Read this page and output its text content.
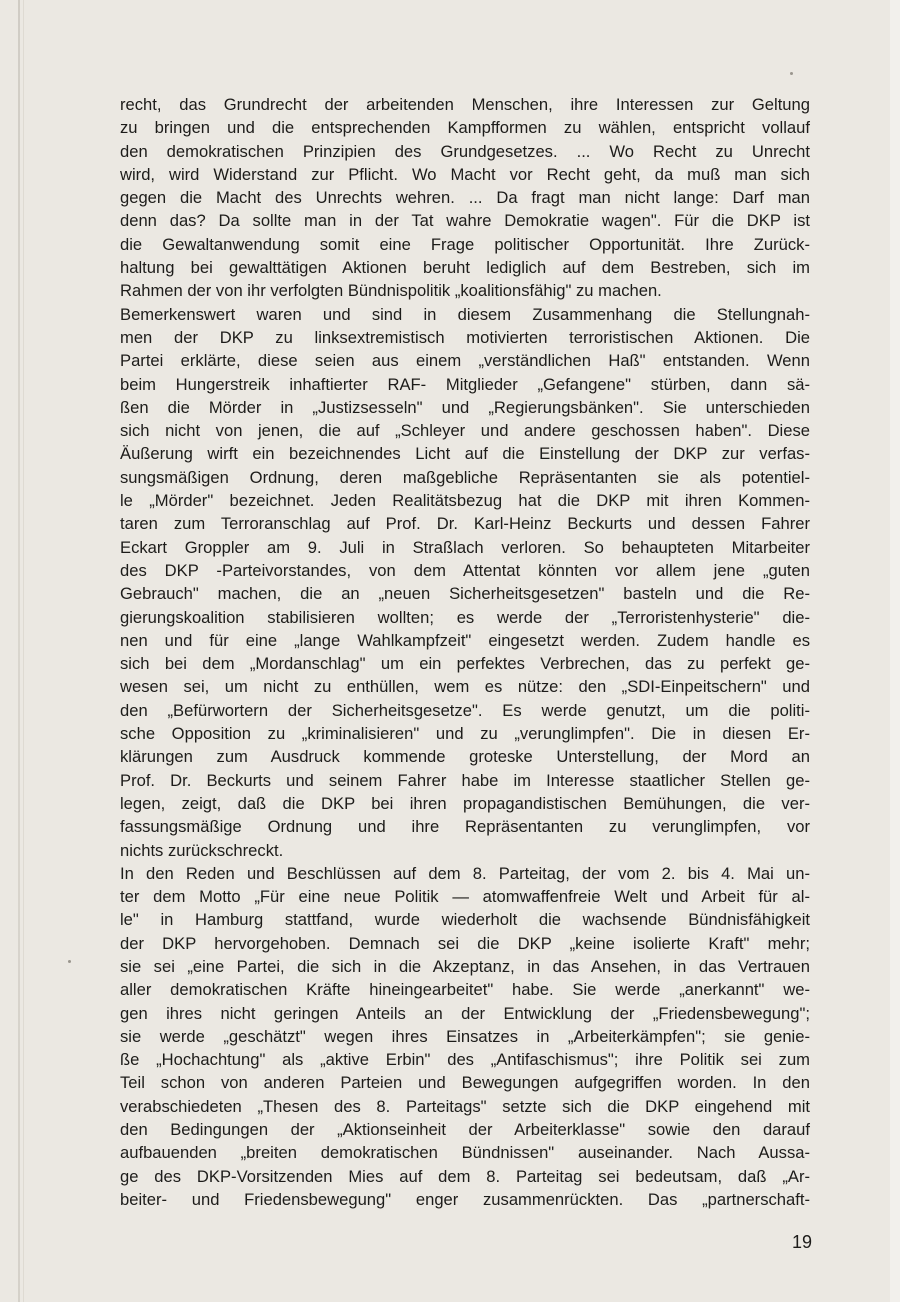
recht, das Grundrecht der arbeitenden Menschen, ihre Interessen zur Geltung
zu bringen und die entsprechenden Kampfformen zu wählen, entspricht vollauf
den demokratischen Prinzipien des Grundgesetzes. ... Wo Recht zu Unrecht
wird, wird Widerstand zur Pflicht. Wo Macht vor Recht geht, da muß man sich
gegen die Macht des Unrechts wehren. ... Da fragt man nicht lange: Darf man
denn das? Da sollte man in der Tat wahre Demokratie wagen". Für die DKP ist
die Gewaltanwendung somit eine Frage politischer Opportunität. Ihre Zurück-
haltung bei gewalttätigen Aktionen beruht lediglich auf dem Bestreben, sich im
Rahmen der von ihr verfolgten Bündnispolitik „koalitionsfähig" zu machen.
Bemerkenswert waren und sind in diesem Zusammenhang die Stellungnah-
men der DKP zu linksextremistisch motivierten terroristischen Aktionen. Die
Partei erklärte, diese seien aus einem „verständlichen Haß" entstanden. Wenn
beim Hungerstreik inhaftierter RAF- Mitglieder „Gefangene" stürben, dann sä-
ßen die Mörder in „Justizsesseln" und „Regierungsbänken". Sie unterschieden
sich nicht von jenen, die auf „Schleyer und andere geschossen haben". Diese
Äußerung wirft ein bezeichnendes Licht auf die Einstellung der DKP zur verfas-
sungsmäßigen Ordnung, deren maßgebliche Repräsentanten sie als potentiel-
le „Mörder" bezeichnet. Jeden Realitätsbezug hat die DKP mit ihren Kommen-
taren zum Terroranschlag auf Prof. Dr. Karl-Heinz Beckurts und dessen Fahrer
Eckart Groppler am 9. Juli in Straßlach verloren. So behaupteten Mitarbeiter
des DKP -Parteivorstandes, von dem Attentat könnten vor allem jene „guten
Gebrauch" machen, die an „neuen Sicherheitsgesetzen" basteln und die Re-
gierungskoalition stabilisieren wollten; es werde der „Terroristenhysterie" die-
nen und für eine „lange Wahlkampfzeit" eingesetzt werden. Zudem handle es
sich bei dem „Mordanschlag" um ein perfektes Verbrechen, das zu perfekt ge-
wesen sei, um nicht zu enthüllen, wem es nütze: den „SDI-Einpeitschern" und
den „Befürwortern der Sicherheitsgesetze". Es werde genutzt, um die politi-
sche Opposition zu „kriminalisieren" und zu „verunglimpfen". Die in diesen Er-
klärungen zum Ausdruck kommende groteske Unterstellung, der Mord an
Prof. Dr. Beckurts und seinem Fahrer habe im Interesse staatlicher Stellen ge-
legen, zeigt, daß die DKP bei ihren propagandistischen Bemühungen, die ver-
fassungsmäßige Ordnung und ihre Repräsentanten zu verunglimpfen, vor
nichts zurückschreckt.
In den Reden und Beschlüssen auf dem 8. Parteitag, der vom 2. bis 4. Mai un-
ter dem Motto „Für eine neue Politik — atomwaffenfreie Welt und Arbeit für al-
le" in Hamburg stattfand, wurde wiederholt die wachsende Bündnisfähigkeit
der DKP hervorgehoben. Demnach sei die DKP „keine isolierte Kraft" mehr;
sie sei „eine Partei, die sich in die Akzeptanz, in das Ansehen, in das Vertrauen
aller demokratischen Kräfte hineingearbeitet" habe. Sie werde „anerkannt" we-
gen ihres nicht geringen Anteils an der Entwicklung der „Friedensbewegung";
sie werde „geschätzt" wegen ihres Einsatzes in „Arbeiterkämpfen"; sie genie-
ße „Hochachtung" als „aktive Erbin" des „Antifaschismus"; ihre Politik sei zum
Teil schon von anderen Parteien und Bewegungen aufgegriffen worden. In den
verabschiedeten „Thesen des 8. Parteitags" setzte sich die DKP eingehend mit
den Bedingungen der „Aktionseinheit der Arbeiterklasse" sowie den darauf
aufbauenden „breiten demokratischen Bündnissen" auseinander. Nach Aussa-
ge des DKP-Vorsitzenden Mies auf dem 8. Parteitag sei bedeutsam, daß „Ar-
beiter- und Friedensbewegung" enger zusammenrückten. Das „partnerschaft-
19
